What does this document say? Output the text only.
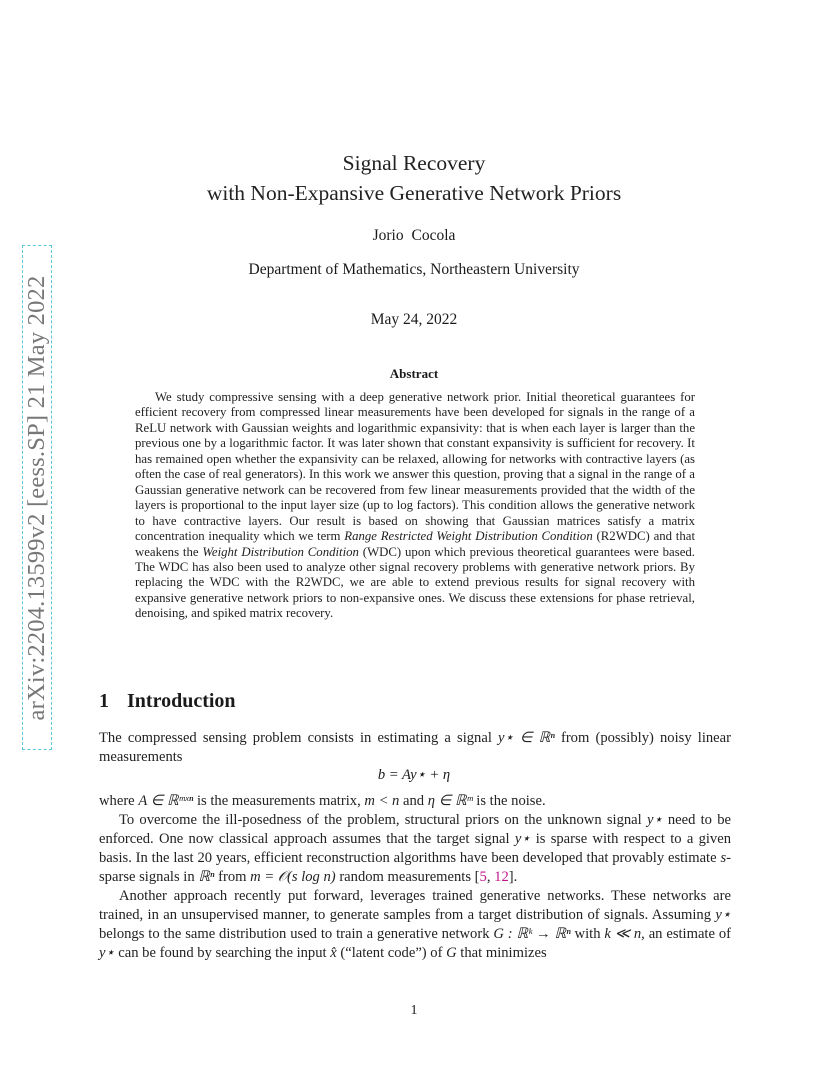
arXiv:2204.13599v2 [eess.SP] 21 May 2022
Signal Recovery
with Non-Expansive Generative Network Priors
Jorio Cocola
Department of Mathematics, Northeastern University
May 24, 2022
Abstract

We study compressive sensing with a deep generative network prior. Initial theoretical guarantees for efficient recovery from compressed linear measurements have been developed for signals in the range of a ReLU network with Gaussian weights and logarithmic expansivity: that is when each layer is larger than the previous one by a logarithmic factor. It was later shown that constant expansivity is sufficient for recovery. It has remained open whether the expansivity can be relaxed, allowing for networks with contractive layers (as often the case of real generators). In this work we answer this question, proving that a signal in the range of a Gaussian generative network can be recovered from few linear measurements provided that the width of the layers is proportional to the input layer size (up to log factors). This condition allows the generative network to have contractive layers. Our result is based on showing that Gaussian matrices satisfy a matrix concentration inequality which we term Range Restricted Weight Distribution Condition (R2WDC) and that weakens the Weight Distribution Condition (WDC) upon which previous theoretical guarantees were based. The WDC has also been used to analyze other signal recovery problems with generative network priors. By replacing the WDC with the R2WDC, we are able to extend previous results for signal recovery with expansive generative network priors to non-expansive ones. We discuss these extensions for phase retrieval, denoising, and spiked matrix recovery.

1 Introduction

The compressed sensing problem consists in estimating a signal y⋆ ∈ ℝⁿ from (possibly) noisy linear measurements

b = Ay⋆ + η

where A ∈ ℝᵐˣⁿ is the measurements matrix, m < n and η ∈ ℝᵐ is the noise.

To overcome the ill-posedness of the problem, structural priors on the unknown signal y⋆ need to be enforced. One now classical approach assumes that the target signal y⋆ is sparse with respect to a given basis. In the last 20 years, efficient reconstruction algorithms have been developed that provably estimate s-sparse signals in ℝⁿ from m = 𝒪(s log n) random measurements [5, 12].

Another approach recently put forward, leverages trained generative networks. These networks are trained, in an unsupervised manner, to generate samples from a target distribution of signals. Assuming y⋆ belongs to the same distribution used to train a generative network G : ℝᵏ → ℝⁿ with k ≪ n, an estimate of y⋆ can be found by searching the input x̂ (“latent code”) of G that minimizes

1
